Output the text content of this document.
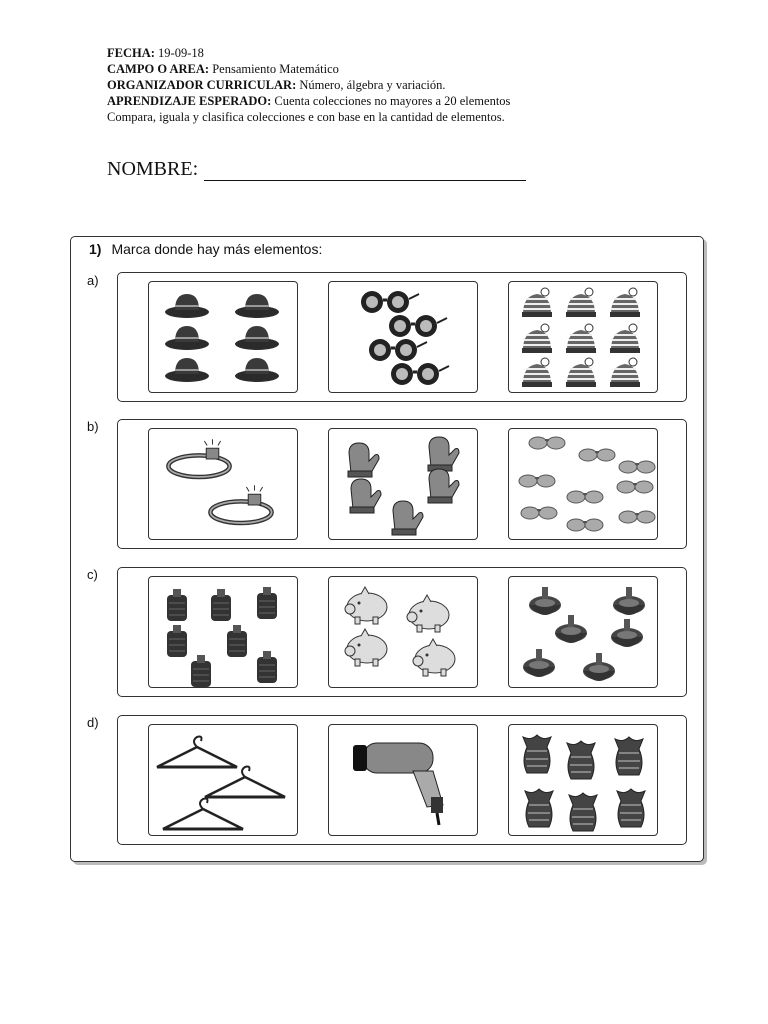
FECHA: 19-09-18
CAMPO O AREA: Pensamiento Matemático
ORGANIZADOR CURRICULAR: Número, álgebra y variación.
APRENDIZAJE ESPERADO: Cuenta colecciones no mayores a 20 elementos
Compara, iguala y clasifica colecciones e con base en la cantidad de elementos.
NOMBRE:
1) Marca donde hay más elementos:
a)
b)
c)
d)
